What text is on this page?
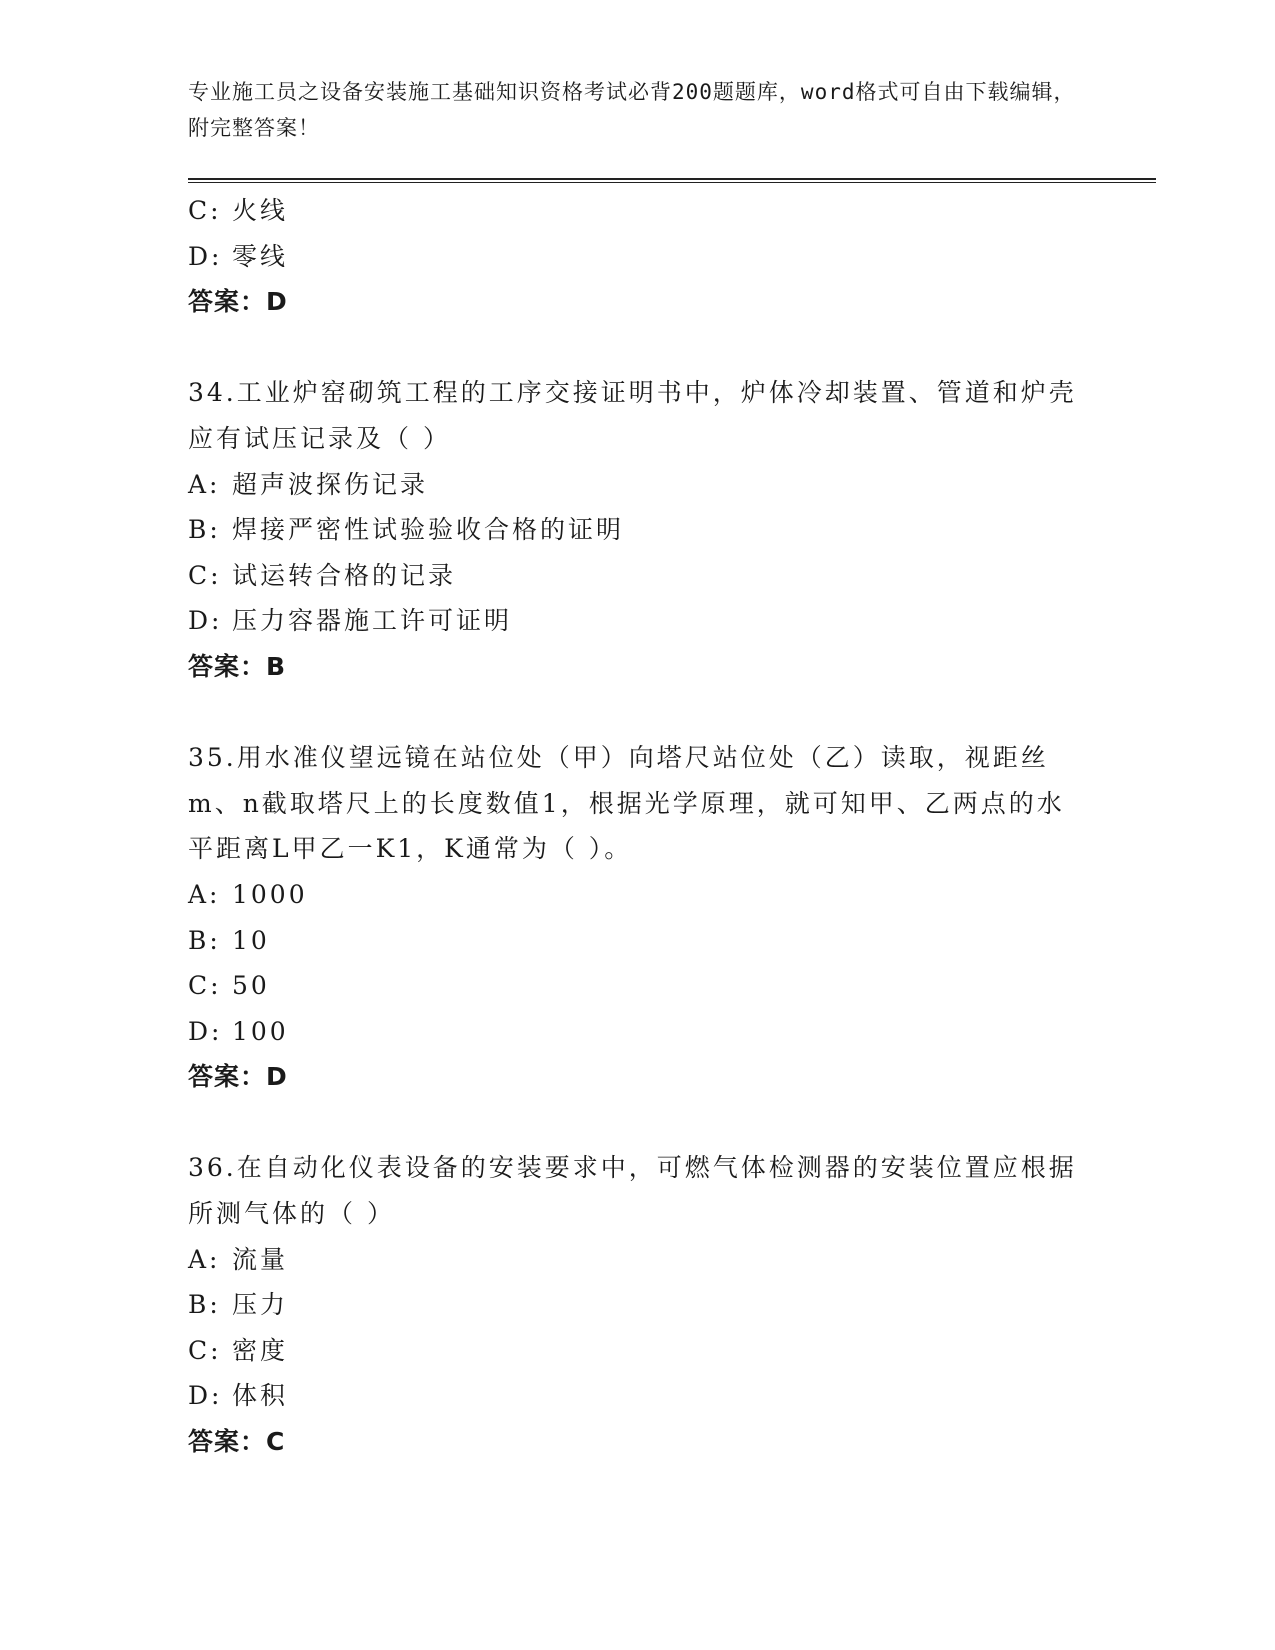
专业施工员之设备安装施工基础知识资格考试必背200题题库，word格式可自由下载编辑，附完整答案！
C: 火线
D: 零线
答案：D
34.工业炉窑砌筑工程的工序交接证明书中，炉体冷却装置、管道和炉壳应有试压记录及（ ）
A: 超声波探伤记录
B: 焊接严密性试验验收合格的证明
C: 试运转合格的记录
D: 压力容器施工许可证明
答案：B
35.用水准仪望远镜在站位处（甲）向塔尺站位处（乙）读取，视距丝m、n截取塔尺上的长度数值1，根据光学原理，就可知甲、乙两点的水平距离L甲乙一K1，K通常为（ ）。
A: 1000
B: 10
C: 50
D: 100
答案：D
36.在自动化仪表设备的安装要求中，可燃气体检测器的安装位置应根据所测气体的（ ）
A: 流量
B: 压力
C: 密度
D: 体积
答案：C
